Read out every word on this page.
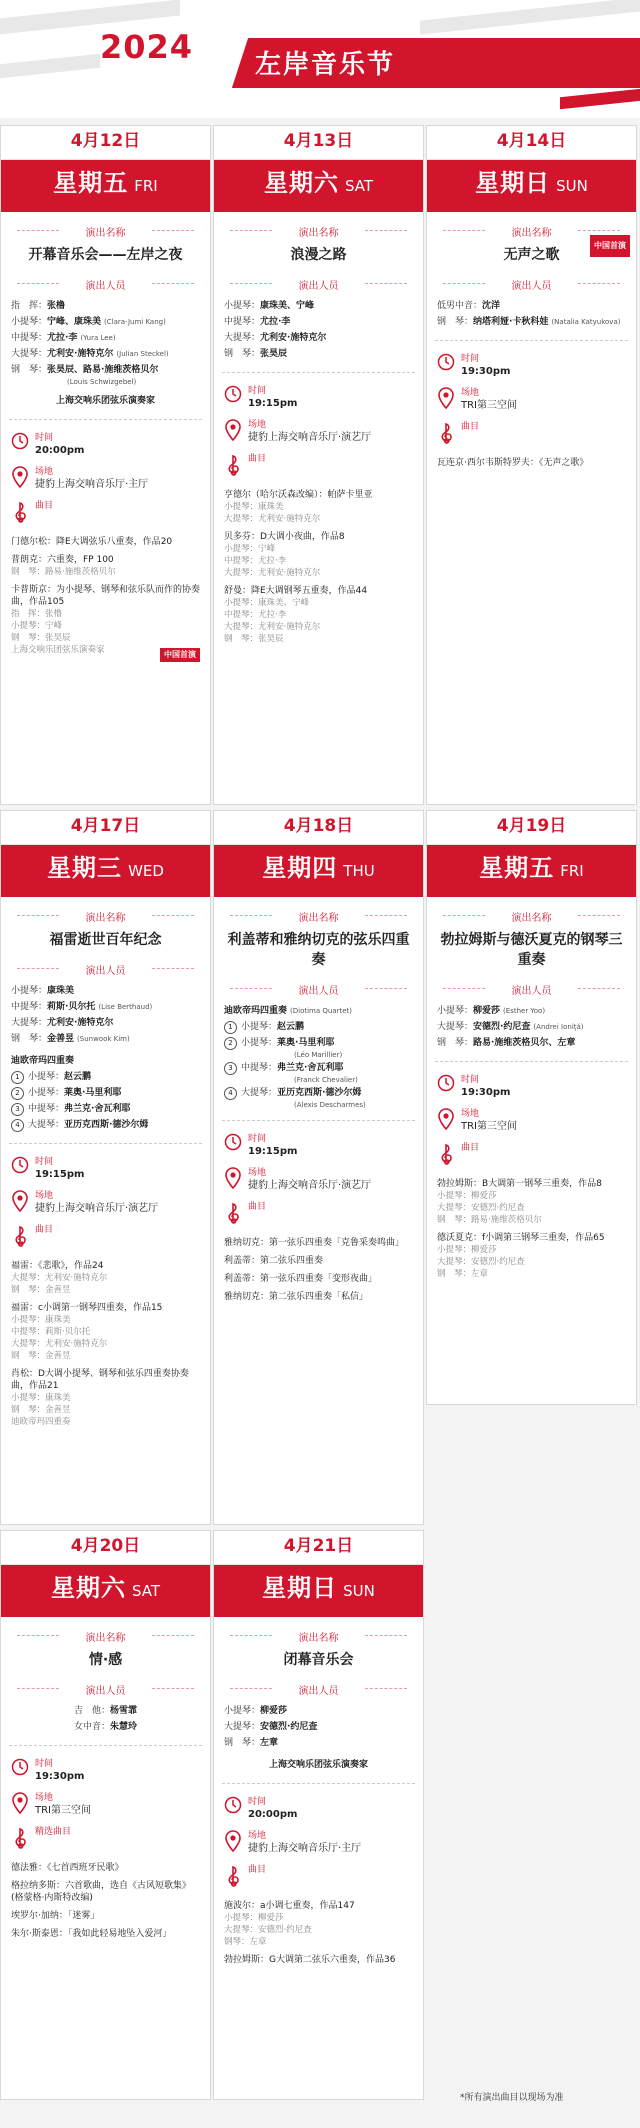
2024 左岸音乐节
4月12日
星期五 FRI
演出名称
开幕音乐会——左岸之夜
演出人员
指　挥：张橹
小提琴：宁峰、康珠美 (Clara-Jumi Kang)
中提琴：尤拉·李 (Yura Lee)
大提琴：尤利安·施特克尔 (Julian Steckel)
钢　琴：张昊辰、路易·施维茨格贝尔
(Louis Schwizgebel)
上海交响乐团弦乐演奏家
时间
20:00pm
场地
捷豹上海交响音乐厅·主厅
曲目
门德尔松：降E大调弦乐八重奏，作品20
普朗克：六重奏，FP 100
钢　琴：路易·施维茨格贝尔
卡普斯京：为小提琴、钢琴和弦乐队而作的协奏曲，作品105
指　挥：张橹
小提琴：宁峰
钢　琴：张昊辰
上海交响乐团弦乐演奏家	中国首演
4月13日
星期六 SAT
演出名称
浪漫之路
演出人员
小提琴：康珠美、宁峰
中提琴：尤拉·李
大提琴：尤利安·施特克尔
钢　琴：张昊辰
时间
19:15pm
场地
捷豹上海交响音乐厅·演艺厅
曲目
亨德尔（哈尔沃森改编）：帕萨卡里亚
小提琴：康珠美
大提琴：尤利安·施特克尔
贝多芬：D大调小夜曲，作品8
小提琴：宁峰
中提琴：尤拉·李
大提琴：尤利安·施特克尔
舒曼：降E大调钢琴五重奏，作品44
小提琴：康珠美、宁峰
中提琴：尤拉·李
大提琴：尤利安·施特克尔
钢　琴：张昊辰
4月14日
星期日 SUN
演出名称
无声之歌
中国首演
演出人员
低男中音：沈洋
钢　琴：纳塔利娅·卡秋科娃 (Natalia Katyukova)
时间
19:30pm
场地
TRI第三空间
曲目
瓦连京·西尔韦斯特罗夫：《无声之歌》
4月17日
星期三 WED
演出名称
福雷逝世百年纪念
演出人员
小提琴：康珠美
中提琴：莉斯·贝尔托 (Lise Berthaud)
大提琴：尤利安·施特克尔
钢　琴：金善昱 (Sunwook Kim)
迪欧帝玛四重奏
1 小提琴：赵云鹏
2 小提琴：莱奥·马里利耶
3 中提琴：弗兰克·舍瓦利耶
4 大提琴：亚历克西斯·德沙尔姆
时间
19:15pm
场地
捷豹上海交响音乐厅·演艺厅
曲目
福雷：《悲歌》，作品24
大提琴：尤利安·施特克尔
钢　琴：金善昱
福雷：c小调第一钢琴四重奏，作品15
小提琴：康珠美
中提琴：莉斯·贝尔托
大提琴：尤利安·施特克尔
钢　琴：金善昱
肖松：D大调小提琴、钢琴和弦乐四重奏协奏曲，作品21
小提琴：康珠美
钢　琴：金善昱
迪欧帝玛四重奏
4月18日
星期四 THU
演出名称
利盖蒂和雅纳切克的弦乐四重奏
演出人员
迪欧帝玛四重奏 (Diotima Quartet)
1 小提琴：赵云鹏
2 小提琴：莱奥·马里利耶
(Léo Marillier)
3 中提琴：弗兰克·舍瓦利耶
(Franck Chevalier)
4 大提琴：亚历克西斯·德沙尔姆
(Alexis Descharmes)
时间
19:15pm
场地
捷豹上海交响音乐厅·演艺厅
曲目
雅纳切克：第一弦乐四重奏「克鲁采奏鸣曲」
利盖蒂：第二弦乐四重奏
利盖蒂：第一弦乐四重奏「变形夜曲」
雅纳切克：第二弦乐四重奏「私信」
4月19日
星期五 FRI
演出名称
勃拉姆斯与德沃夏克的钢琴三重奏
演出人员
小提琴：柳爱莎 (Esther Yoo)
大提琴：安德烈·约尼查 (Andrei Ioniţă)
钢　琴：路易·施维茨格贝尔、左章
时间
19:30pm
场地
TRI第三空间
曲目
勃拉姆斯：B大调第一钢琴三重奏，作品8
小提琴：柳爱莎
大提琴：安德烈·约尼查
钢　琴：路易·施维茨格贝尔
德沃夏克：f小调第三钢琴三重奏，作品65
小提琴：柳爱莎
大提琴：安德烈·约尼查
钢　琴：左章
4月20日
星期六 SAT
演出名称
情·感
演出人员
吉　他：杨雪霏
女中音：朱慧玲
时间
19:30pm
场地
TRI第三空间
精选曲目
德法雅：《七首西班牙民歌》
格拉纳多斯：六首歌曲，选自《古风短歌集》(格蒙格·内斯特改编)
埃罗尔·加纳：「迷雾」
朱尔·斯泰恩：「我如此轻易地坠入爱河」
4月21日
星期日 SUN
演出名称
闭幕音乐会
演出人员
小提琴：柳爱莎
大提琴：安德烈·约尼查
钢　琴：左章
上海交响乐团弦乐演奏家
时间
20:00pm
场地
捷豹上海交响音乐厅·主厅
曲目
施波尔：a小调七重奏，作品147
小提琴：柳爱莎
大提琴：安德烈·约尼查
钢琴：左章
勃拉姆斯：G大调第二弦乐六重奏，作品36
*所有演出曲目以现场为准
